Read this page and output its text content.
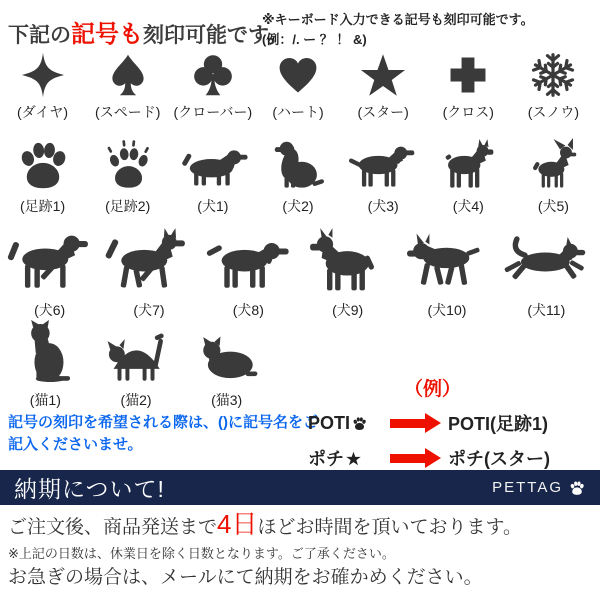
下記の記号も刻印可能です。
※キーボード入力できる記号も刻印可能です。
(例：/. ー ？ ！ &)
(ダイヤ) (スペード) (クローバー) (ハート) (スター) (クロス) (スノウ)
(足跡1)	(足跡2)	(犬1)	(犬2)	(犬3)	(犬4)	(犬5)
(犬6)	(犬7)	(犬8)	(犬9)	(犬10)	(犬11)
(猫1)	(猫2)	(猫3)
記号の刻印を希望される際は、()に記号名をご記入くださいませ。
（例）
POTI	POTI(足跡1)
ポチ	ポチ(スター)
納期について!	PETTAG
ご注文後、商品発送まで4日ほどお時間を頂いております。
※上記の日数は、休業日を除く日数となります。ご了承ください。
お急ぎの場合は、メールにて納期をお確かめください。
